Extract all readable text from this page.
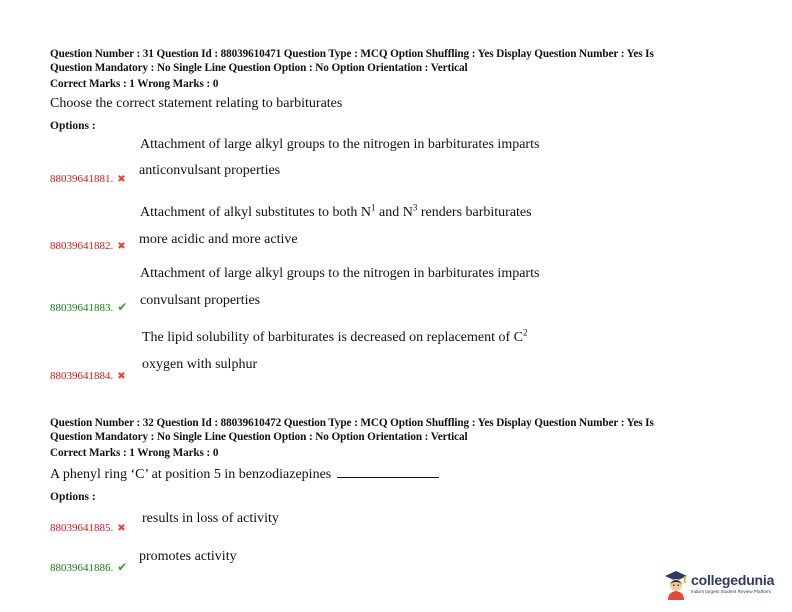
Question Number : 31 Question Id : 88039610471 Question Type : MCQ Option Shuffling : Yes Display Question Number : Yes Is
Question Mandatory : No Single Line Question Option : No Option Orientation : Vertical
Correct Marks : 1 Wrong Marks : 0
Choose the correct statement relating to barbiturates
Options :
Attachment of large alkyl groups to the nitrogen in barbiturates imparts
88039641881. ✖
anticonvulsant properties
Attachment of alkyl substitutes to both $N^1$ and $N^3$ renders barbiturates
88039641882. ✖ more acidic and more active
Attachment of large alkyl groups to the nitrogen in barbiturates imparts
88039641883. ✔ convulsant properties
The lipid solubility of barbiturates is decreased on replacement of $C^2$
88039641884. ✖
oxygen with sulphur
Question Number : 32 Question Id : 88039610472 Question Type : MCQ Option Shuffling : Yes Display Question Number : Yes Is
Question Mandatory : No Single Line Question Option : No Option Orientation : Vertical
Correct Marks : 1 Wrong Marks : 0
A phenyl ring ‘C’ at position 5 in benzodiazepines
Options :
88039641885. ✖
results in loss of activity
88039641886. ✔
promotes activity
collegedunia
India's largest Student Review Platform
